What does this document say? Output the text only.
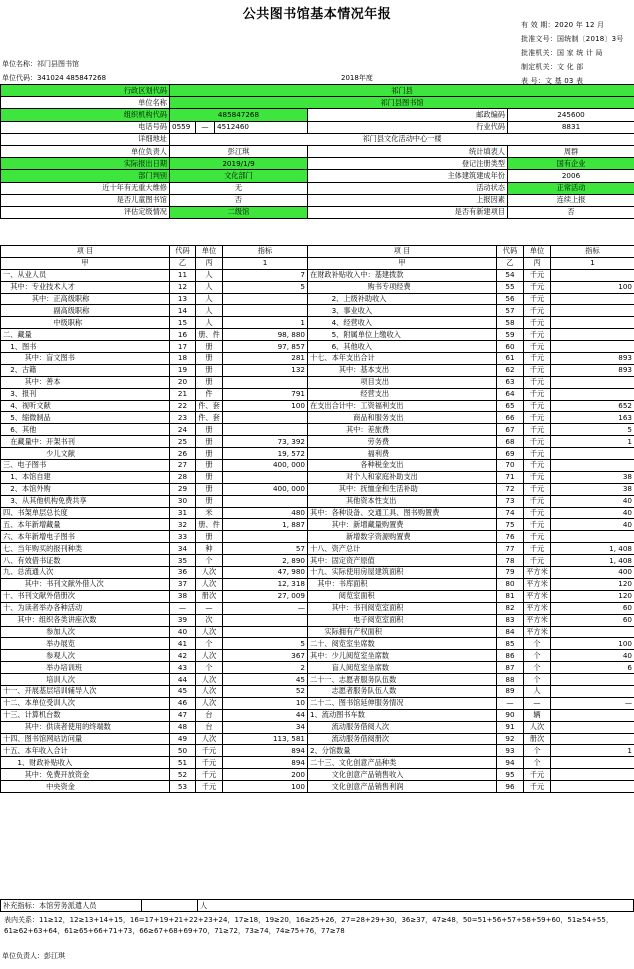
公共图书馆基本情况年报
有 效 期：2020 年 12 月
批准文号：国统制〔2018〕3号
批准机关：国 家 统 计 局
制定机关：文 化 部
表 号：文 基 03 表
单位名称：祁门县图书馆
单位代码：341024 485847268	2018年度
行政区划代码	祁门县				
单位名称	祁门县图书馆				
组织机构代码	485847268			邮政编码	245600
电话号码	0559	—	4512460	行业代码	8831
详细地址	祁门县文化活动中心一楼				
单位负责人	彭江琪			统计填表人	周群
实际报出日期	2019/1/9			登记注册类型	国有企业
部门判别	文化部门			主体建筑建成年份	2006
近十年有无重大维修	无			活动状态	正常活动
是否儿童图书馆	否			上报因素	连续上报
评估定级情况	二级馆			是否有新建项目	否
项 目	代码	单位	指标	项 目	代码	单位	指标
甲	乙	丙	1	甲	乙	丙	1
一、从业人员	11	人	7	在财政补贴收入中：基建拨款	54	千元	
　其中：专业技术人才	12	人	5	　　　　　　　　购书专项经费	55	千元	100
　　　　其中：正高级职称	13	人		　　　2、上级补助收入	56	千元	
　　　　　　　副高级职称	14	人		　　　3、事业收入	57	千元	
　　　　　　　中级职称	15	人	1	　　　4、经营收入	58	千元	
二、藏量	16	册、件	98, 880	　　　5、附属单位上缴收入	59	千元	
　1、图书	17	册	97, 857	　　　6、其他收入	60	千元	
　　　其中：盲文图书	18	册	281	十七、本年支出合计	61	千元	893
　2、古籍	19	册	132	　　　　其中：基本支出	62	千元	893
　　　其中：善本	20	册		　　　　　　　项目支出	63	千元	
　3、报刊	21	件	791	　　　　　　　经营支出	64	千元	
　4、视听文献	22	件、套	100	在支出合计中：工资福利支出	65	千元	652
　5、缩微制品	23	件、套		　　　　　　商品和服务支出	66	千元	163
　6、其他	24	册		　　　　　其中：差旅费	67	千元	5
　在藏量中：开架书刊	25	册	73, 392	　　　　　　　　劳务费	68	千元	1
　　　　　　少儿文献	26	册	19, 572	　　　　　　　　福利费	69	千元	
三、电子图书	27	册	400, 000	　　　　　　　各种税金支出	70	千元	
　1、本馆自建	28	册		　　　　　对个人和家庭补助支出	71	千元	38
　2、本馆外购	29	册	400, 000	　　　　其中：抚恤金和生活补助	72	千元	38
　3、从其他机构免费共享	30	册		　　　　　其他资本性支出	73	千元	40
四、书架单层总长度	31	米	480	其中：各种设备、交通工具、图书购置费	74	千元	40
五、本年新增藏量	32	册、件	1, 887	　　　其中：新增藏量购置费	75	千元	40
六、本年新增电子图书	33	册		　　　　　新增数字资源购置费	76	千元	
七、当年购买的报刊种类	34	种	57	十八、资产总计	77	千元	1, 408
八、有效借书证数	35	个	2, 890	其中：固定资产原值	78	千元	1, 408
九、总流通人次	36	人次	47, 980	十九、实际使用房屋建筑面积	79	平方米	400
　　　其中：书刊文献外借人次	37	人次	12, 318	　其中：书库面积	80	平方米	120
十、书刊文献外借册次	38	册次	27, 009	　　　　阅览室面积	81	平方米	120
十、为读者举办各种活动	—	—	—	　　　其中：书刊阅览室面积	82	平方米	60
　　其中：组织各类讲座次数	39	次		　　　　　　电子阅览室面积	83	平方米	60
　　　　　　参加人次	40	人次		　　实际拥有产权面积	84	平方米	
　　　　　　举办展览	41	个	5	二十、阅览室坐席数	85	个	100
　　　　　　参观人次	42	人次	367	其中：少儿阅览室坐席数	86	个	40
　　　　　　举办培训班	43	个	2	　　　盲人阅览室坐席数	87	个	6
　　　　　　培训人次	44	人次	45	二十一、志愿者服务队伍数	88	个	
十一、开展基层培训辅导人次	45	人次	52	　　　志愿者服务队伍人数	89	人	
十二、本单位受训人次	46	人次	10	二十二、图书馆延伸服务情况	—	—	—
十三、计算机台数	47	台	44	1、流动图书车数	90	辆	
　　　其中：供读者使用的终端数	48	台	34	　　　流动服务借阅人次	91	人次	
十四、图书馆网站访问量	49	人次	113, 581	　　　流动服务借阅册次	92	册次	
十五、本年收入合计	50	千元	894	2、分馆数量	93	个	1
　　1、财政补贴收入	51	千元	894	二十三、文化创意产品种类	94	个	
　　　其中：免费开放资金	52	千元	200	　　　文化创意产品销售收入	95	千元	
　　　　　　中央资金	53	千元	100	　　　文化创意产品销售利润	96	千元	
补充指标：本馆劳务派遣人员	人
表内关系：11≥12，12≥13+14+15，16=17+19+21+22+23+24，17≥18，19≥20，16≥25+26，27=28+29+30，36≥37，47≥48，50=51+56+57+58+59+60，51≥54+55，61≥62+63+64，61≥65+66+71+73，66≥67+68+69+70，71≥72，73≥74，74≥75+76，77≥78
单位负责人：彭江琪
